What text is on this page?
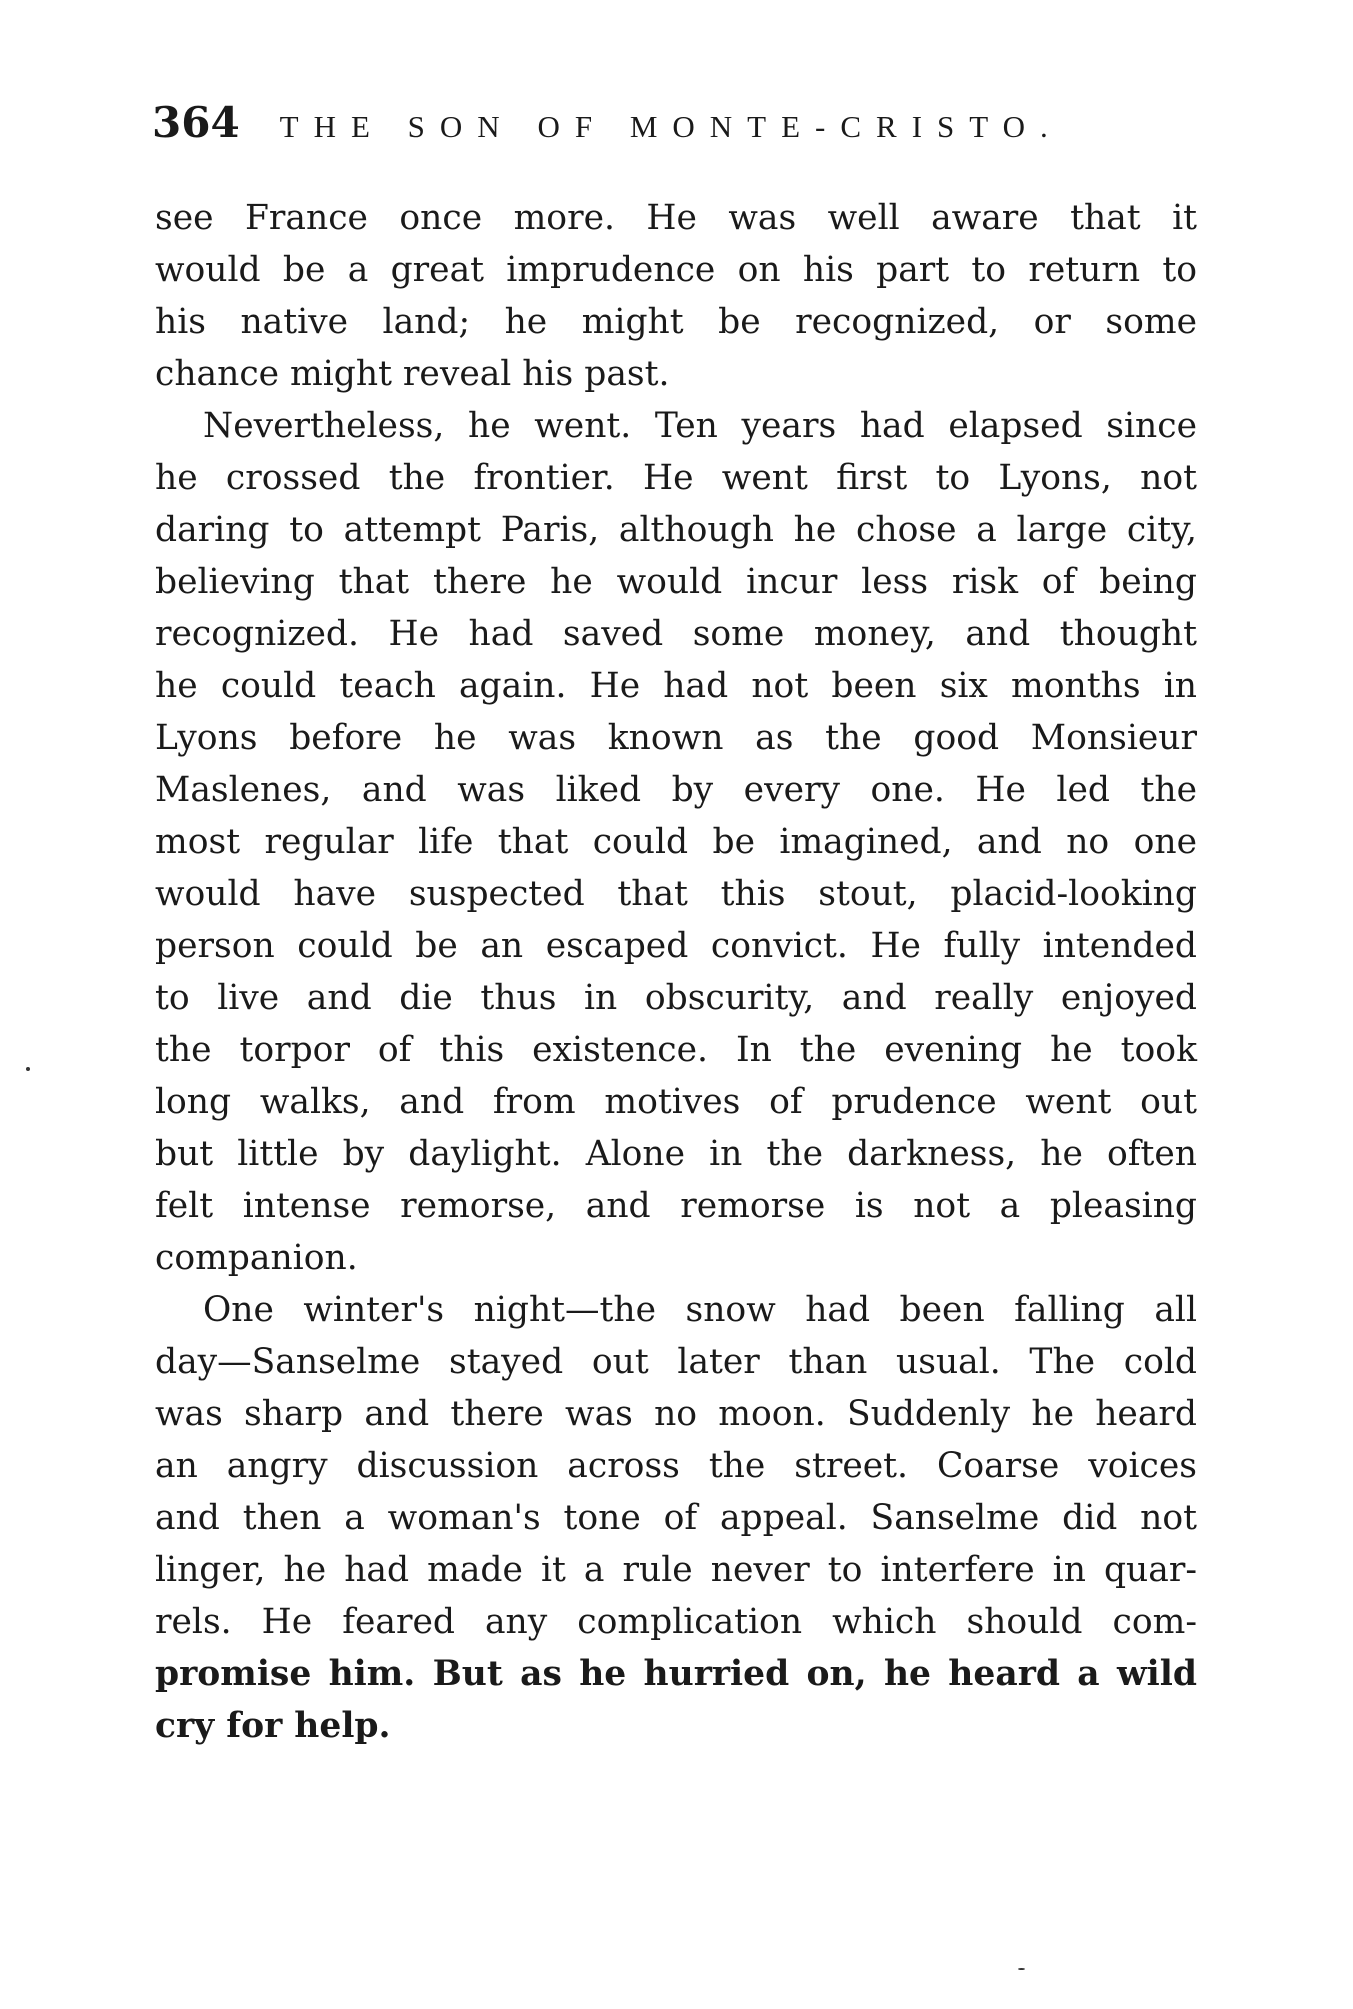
364 THE SON OF MONTE-CRISTO.
see France once more. He was well aware that it
would be a great imprudence on his part to return to
his native land; he might be recognized, or some
chance might reveal his past.
Nevertheless, he went. Ten years had elapsed since
he crossed the frontier. He went first to Lyons, not
daring to attempt Paris, although he chose a large city,
believing that there he would incur less risk of being
recognized. He had saved some money, and thought
he could teach again. He had not been six months in
Lyons before he was known as the good Monsieur
Maslenes, and was liked by every one. He led the
most regular life that could be imagined, and no one
would have suspected that this stout, placid-looking
person could be an escaped convict. He fully intended
to live and die thus in obscurity, and really enjoyed
the torpor of this existence. In the evening he took
long walks, and from motives of prudence went out
but little by daylight. Alone in the darkness, he often
felt intense remorse, and remorse is not a pleasing
companion.
One winter's night—the snow had been falling all
day—Sanselme stayed out later than usual. The cold
was sharp and there was no moon. Suddenly he heard
an angry discussion across the street. Coarse voices
and then a woman's tone of appeal. Sanselme did not
linger, he had made it a rule never to interfere in quar-
rels. He feared any complication which should com-
promise him. But as he hurried on, he heard a wild
cry for help.
